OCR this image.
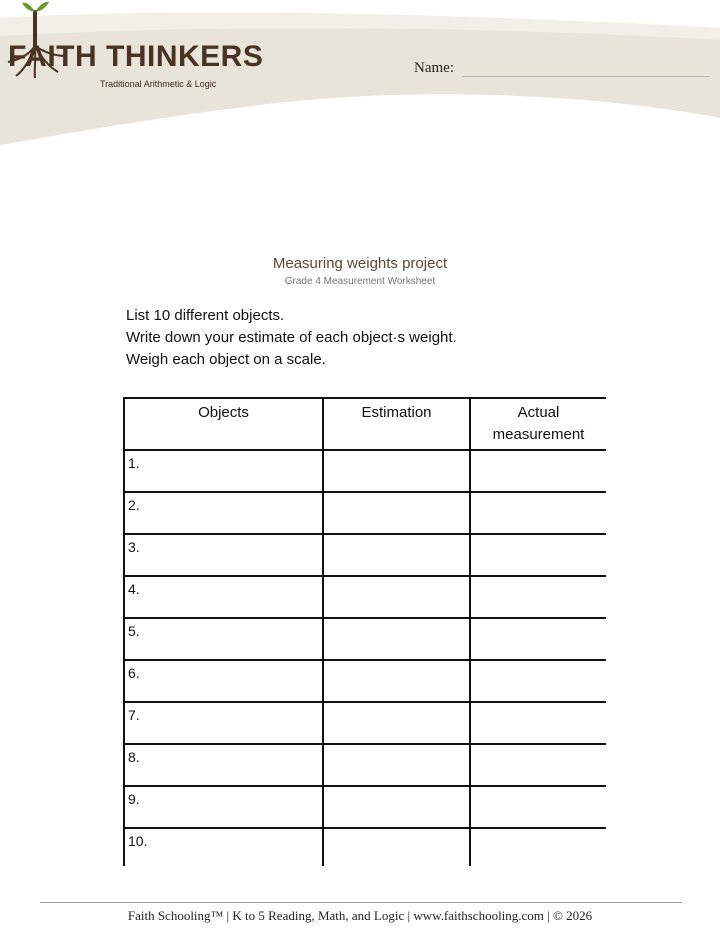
FAITH THINKERS
Traditional Arithmetic & Logic
Name:
Measuring weights project
Grade 4 Measurement Worksheet
List 10 different objects.
Write down your estimate of each object·s weight.
Weigh each object on a scale.
Objects	Estimation	Actual measurement
1.		
2.		
3.		
4.		
5.		
6.		
7.		
8.		
9.		
10.		
Faith Schooling™ | K to 5 Reading, Math, and Logic | www.faithschooling.com | © 2026
